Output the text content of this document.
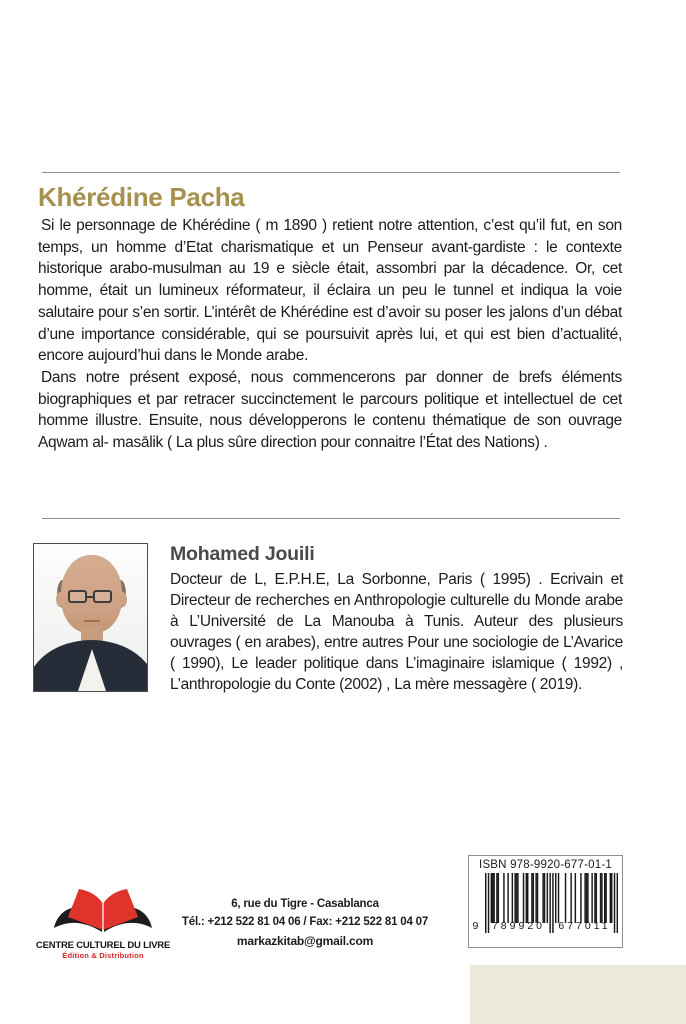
Khérédine Pacha

Si le personnage de Khérédine ( m 1890 ) retient notre attention, c’est qu’il fut, en son temps, un homme d’Etat charismatique et un Penseur avant-gardiste : le contexte historique arabo-musulman au 19 e siècle était, assombri par la décadence. Or, cet homme, était un lumineux réformateur, il éclaira un peu le tunnel et indiqua la voie salutaire pour s’en sortir. L’intérêt de Khérédine est d’avoir su poser les jalons d’un débat d’une importance considérable, qui se poursuivit après lui, et qui est bien d’actualité, encore aujourd’hui dans le Monde arabe.

Dans notre présent exposé, nous commencerons par donner de brefs éléments biographiques et par retracer succinctement le parcours politique et intellectuel de cet homme illustre. Ensuite, nous développerons le contenu thématique de son ouvrage Aqwam al- masālik ( La plus sûre direction pour connaitre l’État des Nations) .

Mohamed Jouili
Docteur de L, E.P.H.E, La Sorbonne, Paris ( 1995) . Ecrivain et Directeur de recherches en Anthropologie culturelle du Monde arabe à L’Université de La Manouba à Tunis. Auteur des plusieurs ouvrages ( en arabes), entre autres Pour une sociologie de L’Avarice ( 1990), Le leader politique dans L’imaginaire islamique ( 1992) , L’anthropologie du Conte (2002) , La mère messagère ( 2019).
CENTRE CULTUREL DU LIVRE
Édition & Distribution
6, rue du Tigre - Casablanca
Tél.: +212 522 81 04 06 / Fax: +212 522 81 04 07
markazkitab@gmail.com
ISBN 978-9920-677-01-1
9	789920	677011
